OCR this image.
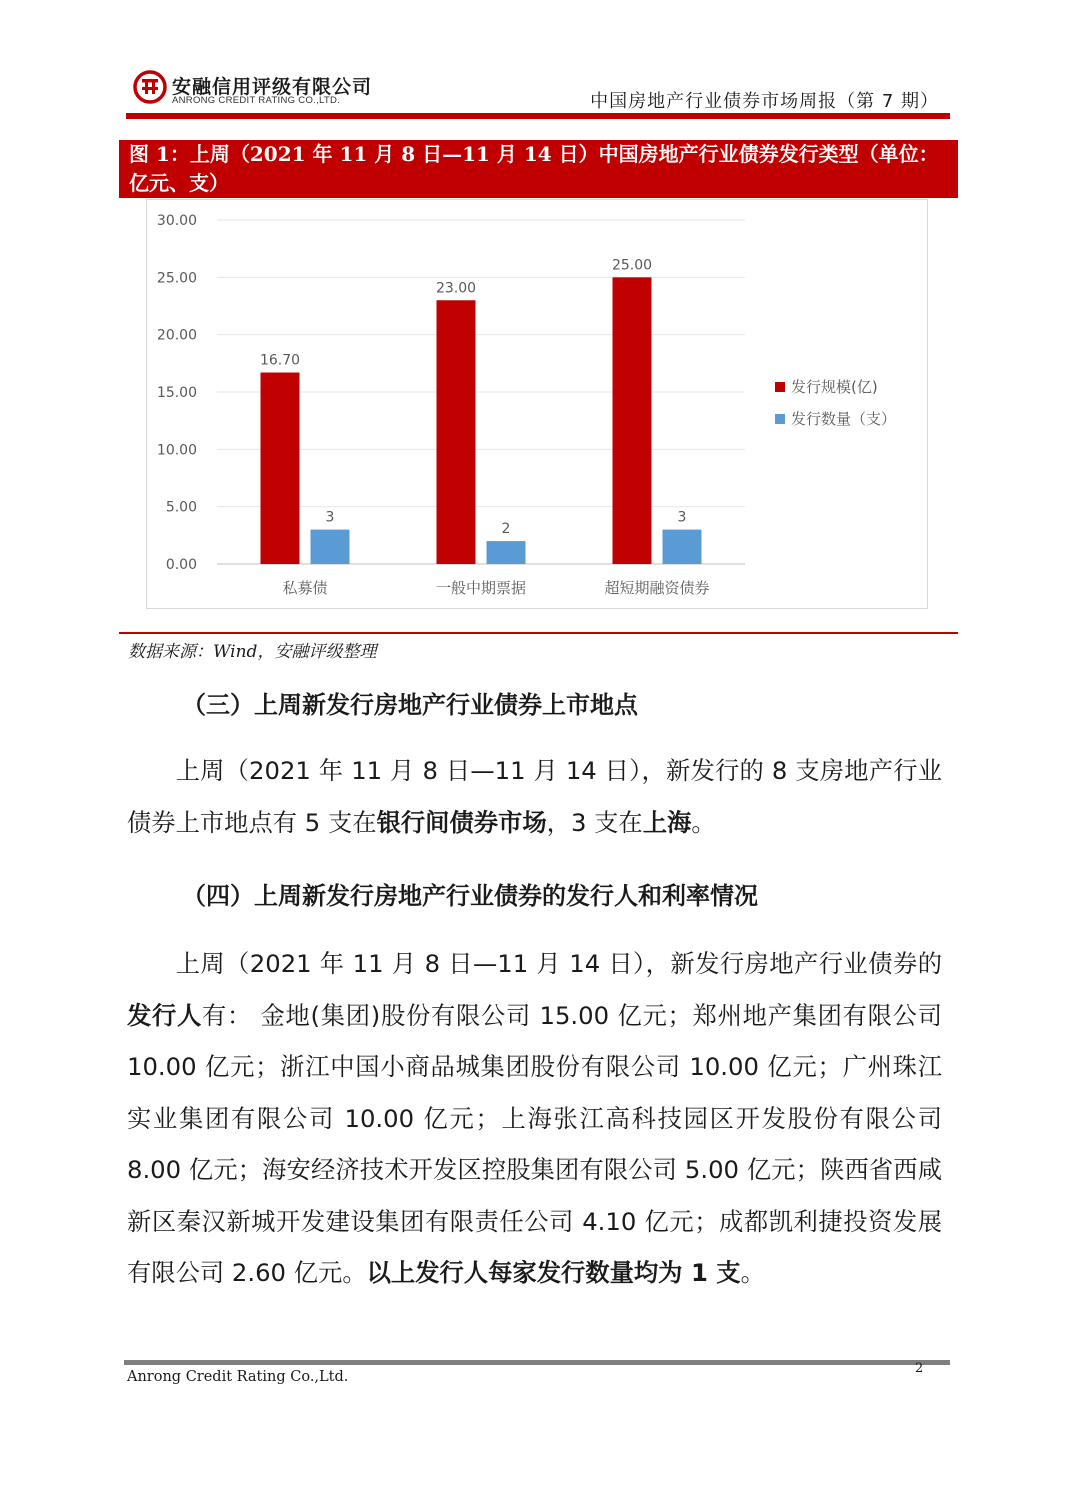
安融信用评级有限公司
ANRONG CREDIT RATING CO.,LTD.	中国房地产行业债券市场周报（第 7 期）
图 1：上周（2021 年 11 月 8 日—11 月 14 日）中国房地产行业债券发行类型（单位：亿元、支）
0.00
5.00
10.00
15.00
20.00
25.00
30.00
16.70
3
私募债
23.00
2
一般中期票据
25.00
3
超短期融资债券
发行规模(亿)
发行数量（支）
数据来源：Wind，安融评级整理
（三）上周新发行房地产行业债券上市地点
上周（2021 年 11 月 8 日—11 月 14 日），新发行的 8 支房地产行业债券上市地点有 5 支在银行间债券市场，3 支在上海。
（四）上周新发行房地产行业债券的发行人和利率情况
上周（2021 年 11 月 8 日—11 月 14 日），新发行房地产行业债券的发行人有： 金地(集团)股份有限公司 15.00 亿元；郑州地产集团有限公司 10.00 亿元；浙江中国小商品城集团股份有限公司 10.00 亿元；广州珠江实业集团有限公司 10.00 亿元；上海张江高科技园区开发股份有限公司 8.00 亿元；海安经济技术开发区控股集团有限公司 5.00 亿元；陕西省西咸新区秦汉新城开发建设集团有限责任公司 4.10 亿元；成都凯利捷投资发展有限公司 2.60 亿元。以上发行人每家发行数量均为 1 支。
Anrong Credit Rating Co.,Ltd.
2
